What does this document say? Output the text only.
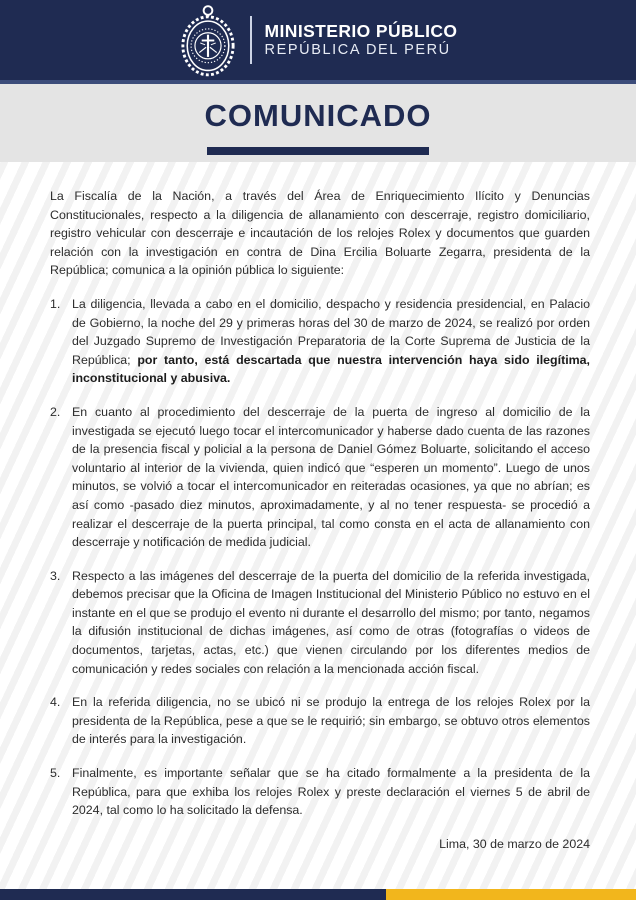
MINISTERIO PÚBLICO
REPÚBLICA DEL PERÚ
COMUNICADO

La Fiscalía de la Nación, a través del Área de Enriquecimiento Ilícito y Denuncias Constitucionales, respecto a la diligencia de allanamiento con descerraje, registro domiciliario, registro vehicular con descerraje e incautación de los relojes Rolex y documentos que guarden relación con la investigación en contra de Dina Ercilia Boluarte Zegarra, presidenta de la República; comunica a la opinión pública lo siguiente:

1. La diligencia, llevada a cabo en el domicilio, despacho y residencia presidencial, en Palacio de Gobierno, la noche del 29 y primeras horas del 30 de marzo de 2024, se realizó por orden del Juzgado Supremo de Investigación Preparatoria de la Corte Suprema de Justicia de la República; por tanto, está descartada que nuestra intervención haya sido ilegítima, inconstitucional y abusiva.

2. En cuanto al procedimiento del descerraje de la puerta de ingreso al domicilio de la investigada se ejecutó luego tocar el intercomunicador y haberse dado cuenta de las razones de la presencia fiscal y policial a la persona de Daniel Gómez Boluarte, solicitando el acceso voluntario al interior de la vivienda, quien indicó que “esperen un momento”. Luego de unos minutos, se volvió a tocar el intercomunicador en reiteradas ocasiones, ya que no abrían; es así como -pasado diez minutos, aproximadamente, y al no tener respuesta- se procedió a realizar el descerraje de la puerta principal, tal como consta en el acta de allanamiento con descerraje y notificación de medida judicial.

3. Respecto a las imágenes del descerraje de la puerta del domicilio de la referida investigada, debemos precisar que la Oficina de Imagen Institucional del Ministerio Público no estuvo en el instante en el que se produjo el evento ni durante el desarrollo del mismo; por tanto, negamos la difusión institucional de dichas imágenes, así como de otras (fotografías o videos de documentos, tarjetas, actas, etc.) que vienen circulando por los diferentes medios de comunicación y redes sociales con relación a la mencionada acción fiscal.

4. En la referida diligencia, no se ubicó ni se produjo la entrega de los relojes Rolex por la presidenta de la República, pese a que se le requirió; sin embargo, se obtuvo otros elementos de interés para la investigación.

5. Finalmente, es importante señalar que se ha citado formalmente a la presidenta de la República, para que exhiba los relojes Rolex y preste declaración el viernes 5 de abril de 2024, tal como lo ha solicitado la defensa.

Lima, 30 de marzo de 2024
